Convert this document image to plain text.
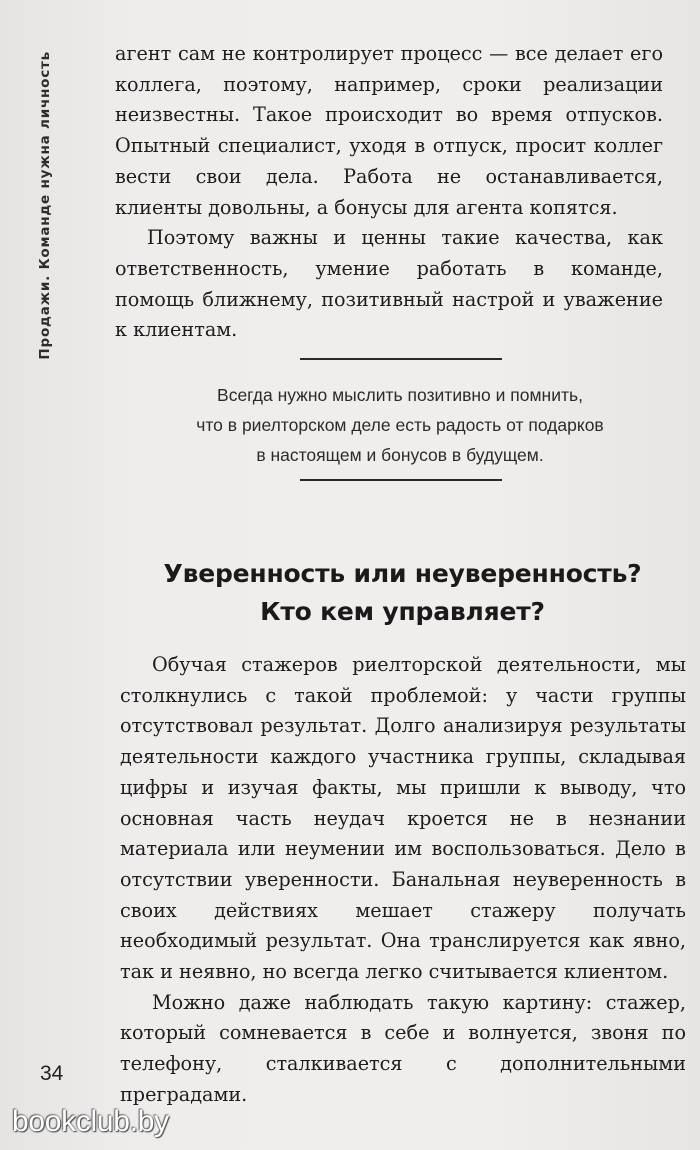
Продажи. Команде нужна личность	агент сам не контролирует процесс — все делает его коллега, поэтому, например, сроки реализации неизвестны. Такое происходит во время отпусков. Опытный специалист, уходя в отпуск, просит коллег вести свои дела. Работа не останавливается, клиенты довольны, а бонусы для агента копятся.

Поэтому важны и ценны такие качества, как ответственность, умение работать в команде, помощь ближнему, позитивный настрой и уважение к клиентам.

Всегда нужно мыслить позитивно и помнить,
что в риелторском деле есть радость от подарков
в настоящем и бонусов в будущем.
Уверенность или неуверенность?
Кто кем управляет?

Обучая стажеров риелторской деятельности, мы столкнулись с такой проблемой: у части группы отсутствовал результат. Долго анализируя результаты деятельности каждого участника группы, складывая цифры и изучая факты, мы пришли к выводу, что основная часть неудач кроется не в незнании материала или неумении им воспользоваться. Дело в отсутствии уверенности. Банальная неуверенность в своих действиях мешает стажеру получать необходимый результат. Она транслируется как явно, так и неявно, но всегда легко считывается клиентом.

Можно даже наблюдать такую картину: стажер, который сомневается в себе и волнуется, звоня по телефону, сталкивается с дополнительными преградами.

34
bookclub.by
